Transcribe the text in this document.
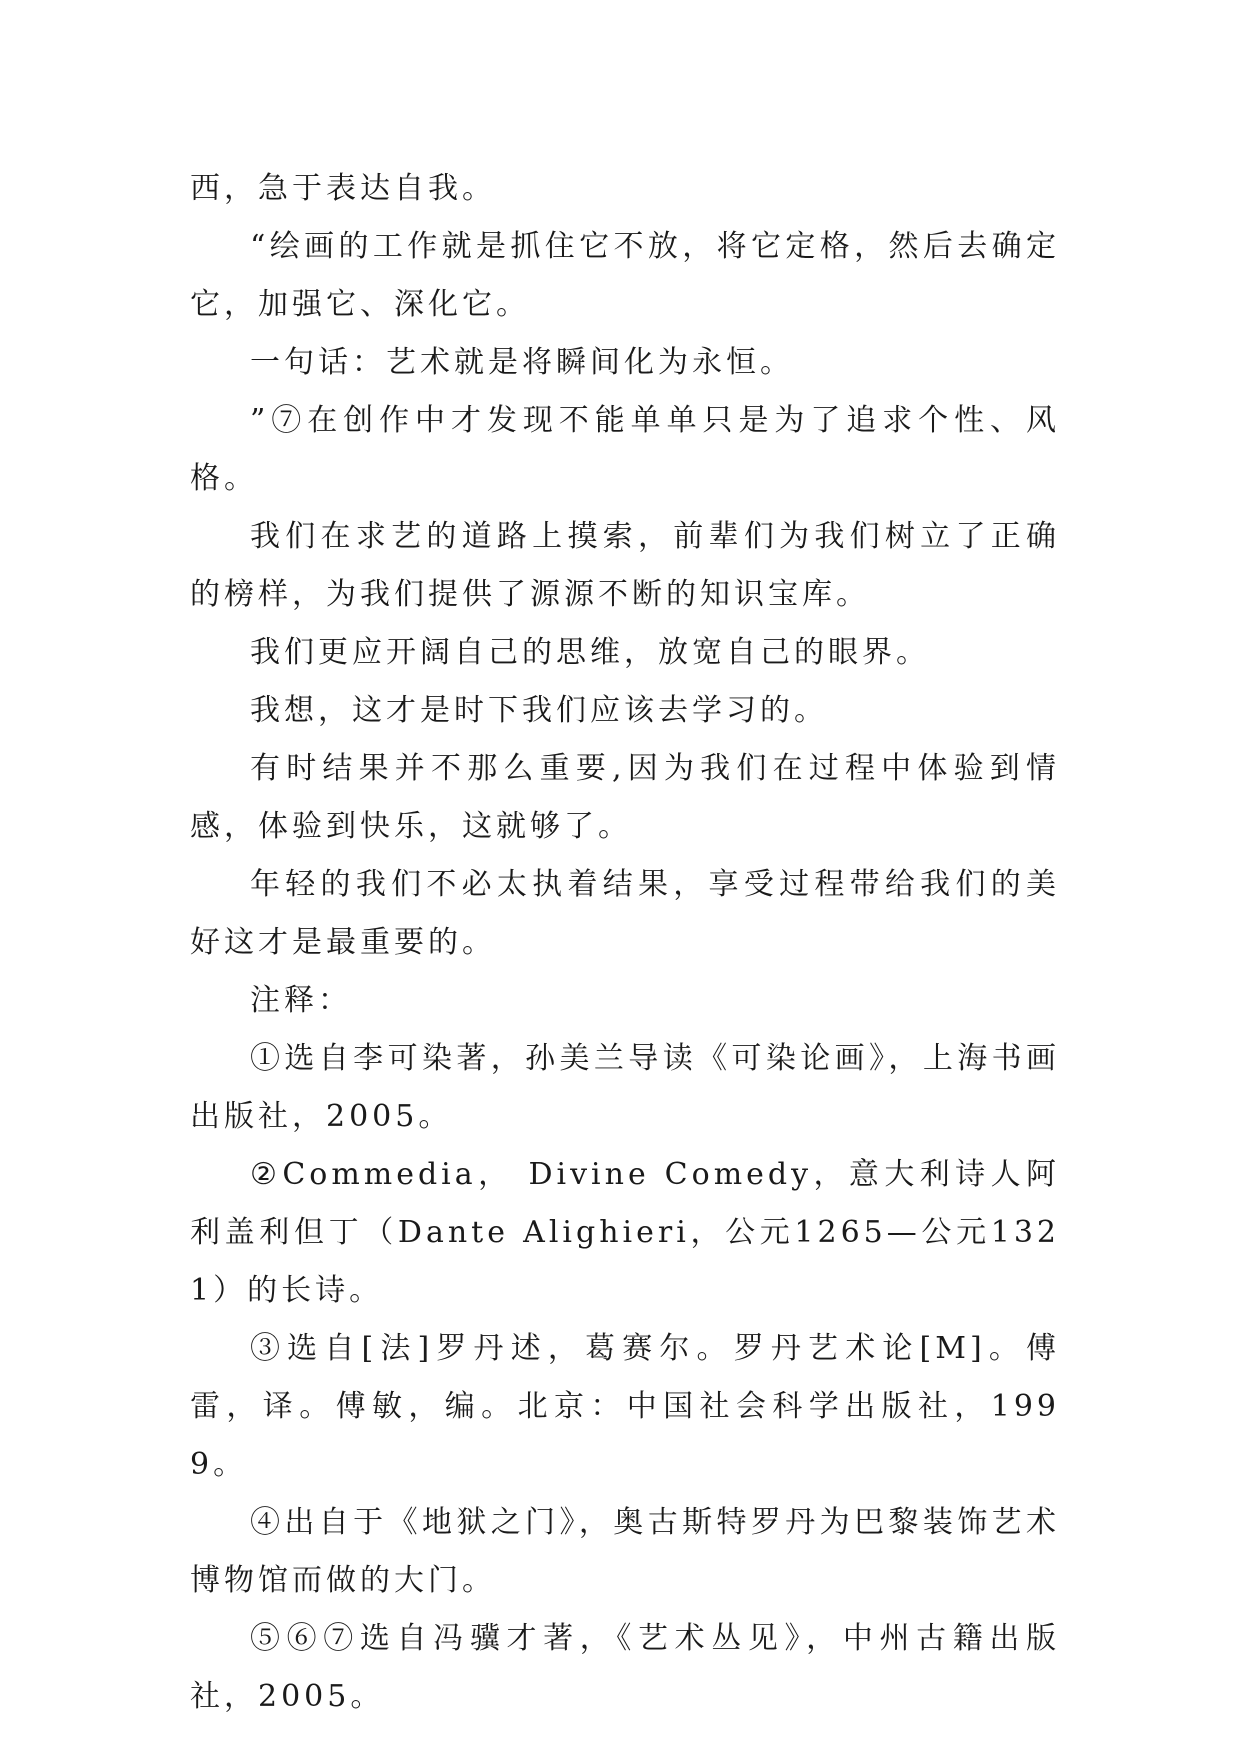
西，急于表达自我。

“绘画的工作就是抓住它不放，将它定格，然后去确定它，加强它、深化它。

一句话：艺术就是将瞬间化为永恒。

”⑦在创作中才发现不能单单只是为了追求个性、风格。

我们在求艺的道路上摸索，前辈们为我们树立了正确的榜样，为我们提供了源源不断的知识宝库。

我们更应开阔自己的思维，放宽自己的眼界。

我想，这才是时下我们应该去学习的。

有时结果并不那么重要,因为我们在过程中体验到情感，体验到快乐，这就够了。

年轻的我们不必太执着结果，享受过程带给我们的美好这才是最重要的。

注释：

①选自李可染著，孙美兰导读《可染论画》，上海书画出版社，2005。

②Commedia， Divine Comedy，意大利诗人阿利盖利但丁（Dante Alighieri，公元1265—公元1321）的长诗。

③选自[法]罗丹述，葛赛尔。罗丹艺术论[M]。傅雷，译。傅敏，编。北京：中国社会科学出版社，1999。

④出自于《地狱之门》，奥古斯特罗丹为巴黎装饰艺术博物馆而做的大门。

⑤⑥⑦选自冯骥才著，《艺术丛见》，中州古籍出版社，2005。
